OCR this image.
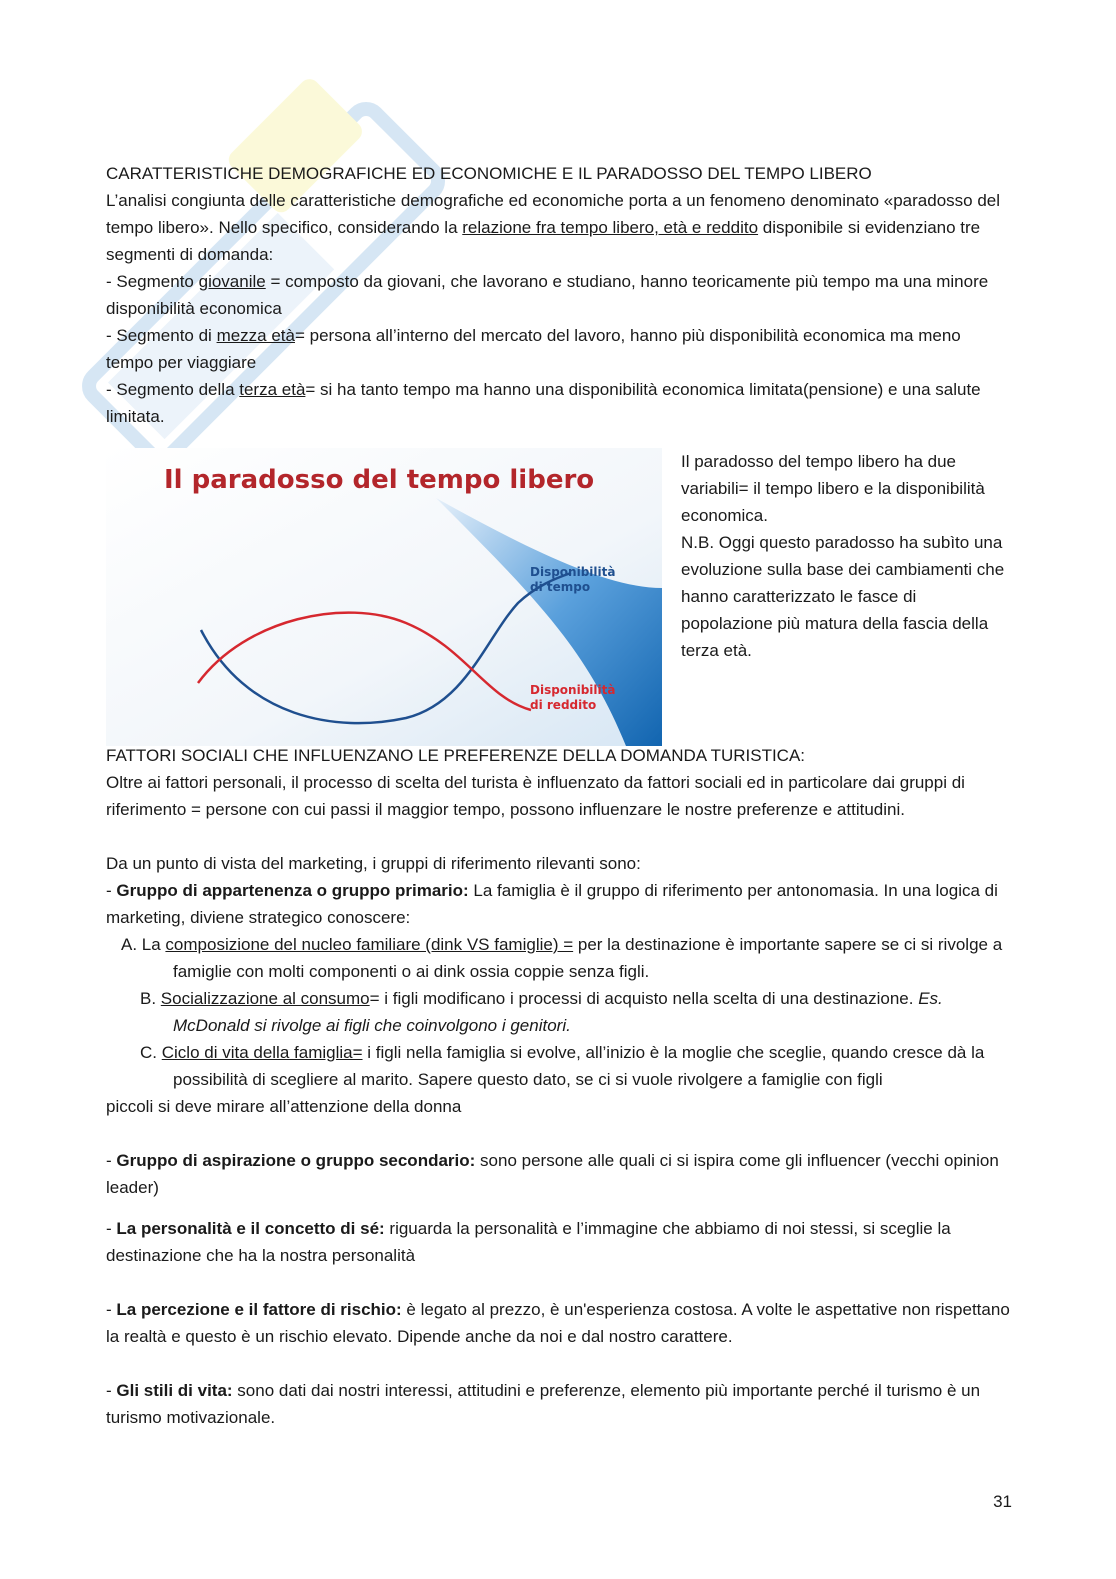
CARATTERISTICHE DEMOGRAFICHE ED ECONOMICHE E IL PARADOSSO DEL TEMPO LIBERO

L’analisi congiunta delle caratteristiche demografiche ed economiche porta a un fenomeno denominato «paradosso del tempo libero». Nello specifico, considerando la relazione fra tempo libero, età e reddito disponibile si evidenziano tre segmenti di domanda:

- Segmento giovanile = composto da giovani, che lavorano e studiano, hanno teoricamente più tempo ma una minore disponibilità economica

- Segmento di mezza età= persona all’interno del mercato del lavoro, hanno più disponibilità economica ma meno tempo per viaggiare

- Segmento della terza età= si ha tanto tempo ma hanno una disponibilità economica limitata(pensione) e una salute limitata.

Il paradosso del tempo libero
Disponibilità
di tempo
Disponibilità
di reddito

Il paradosso del tempo libero ha due variabili= il tempo libero e la disponibilità economica.

N.B. Oggi questo paradosso ha subìto una evoluzione sulla base dei cambiamenti che hanno caratterizzato le fasce di popolazione più matura della fascia della terza età.

FATTORI SOCIALI CHE INFLUENZANO LE PREFERENZE DELLA DOMANDA TURISTICA:

Oltre ai fattori personali, il processo di scelta del turista è influenzato da fattori sociali ed in particolare dai gruppi di riferimento = persone con cui passi il maggior tempo, possono influenzare le nostre preferenze e attitudini.

Da un punto di vista del marketing, i gruppi di riferimento rilevanti sono:

- Gruppo di appartenenza o gruppo primario: La famiglia è il gruppo di riferimento per antonomasia. In una logica di marketing, diviene strategico conoscere:

A. La composizione del nucleo familiare (dink VS famiglie) = per la destinazione è importante sapere se ci si rivolge a famiglie con molti componenti o ai dink ossia coppie senza figli.

B. Socializzazione al consumo= i figli modificano i processi di acquisto nella scelta di una destinazione. Es. McDonald si rivolge ai figli che coinvolgono i genitori.

C. Ciclo di vita della famiglia= i figli nella famiglia si evolve, all’inizio è la moglie che sceglie, quando cresce dà la possibilità di scegliere al marito. Sapere questo dato, se ci si vuole rivolgere a famiglie con figli

piccoli si deve mirare all’attenzione della donna

- Gruppo di aspirazione o gruppo secondario: sono persone alle quali ci si ispira come gli influencer (vecchi opinion leader)

- La personalità e il concetto di sé: riguarda la personalità e l’immagine che abbiamo di noi stessi, si sceglie la destinazione che ha la nostra personalità

- La percezione e il fattore di rischio: è legato al prezzo, è un'esperienza costosa. A volte le aspettative non rispettano la realtà e questo è un rischio elevato. Dipende anche da noi e dal nostro carattere.

- Gli stili di vita: sono dati dai nostri interessi, attitudini e preferenze, elemento più importante perché il turismo è un turismo motivazionale.

31
